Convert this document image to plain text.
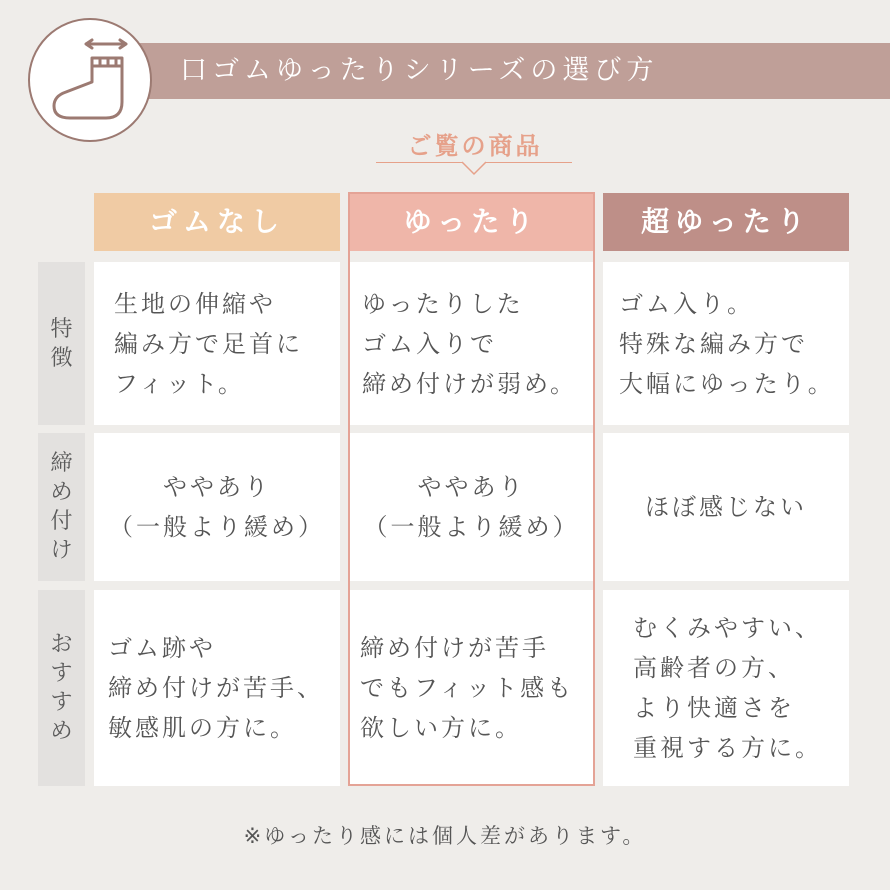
口ゴムゆったりシリーズの選び方
ご覧の商品
ゴムなし	ゆったり	超ゆったり
特徴
生地の伸縮や
編み方で足首に
フィット。
ゆったりした
ゴム入りで
締め付けが弱め。
ゴム入り。
特殊な編み方で
大幅にゆったり。
締め付け
ややあり
（一般より緩め）
ややあり
（一般より緩め）
ほぼ感じない
おすすめ
ゴム跡や
締め付けが苦手、
敏感肌の方に。
締め付けが苦手
でもフィット感も
欲しい方に。
むくみやすい、
高齢者の方、
より快適さを
重視する方に。
※ゆったり感には個人差があります。
